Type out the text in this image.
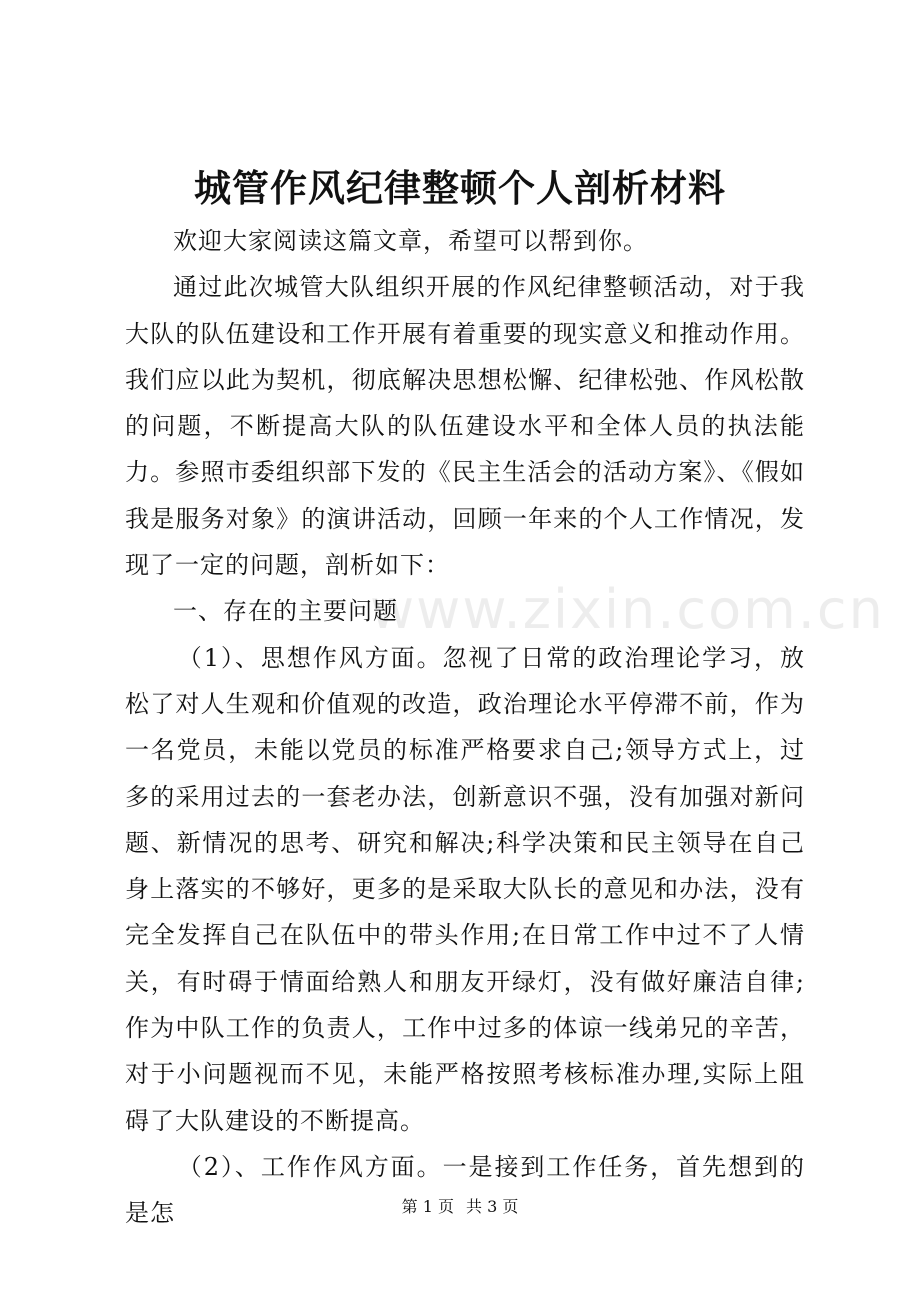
城管作风纪律整顿个人剖析材料

欢迎大家阅读这篇文章，希望可以帮到你。

通过此次城管大队组织开展的作风纪律整顿活动，对于我大队的队伍建设和工作开展有着重要的现实意义和推动作用。我们应以此为契机，彻底解决思想松懈、纪律松弛、作风松散的问题，不断提高大队的队伍建设水平和全体人员的执法能力。参照市委组织部下发的《民主生活会的活动方案》、《假如我是服务对象》的演讲活动，回顾一年来的个人工作情况，发现了一定的问题，剖析如下：

一、存在的主要问题

（1）、思想作风方面。忽视了日常的政治理论学习，放松了对人生观和价值观的改造，政治理论水平停滞不前，作为一名党员，未能以党员的标准严格要求自己;领导方式上，过多的采用过去的一套老办法，创新意识不强，没有加强对新问题、新情况的思考、研究和解决;科学决策和民主领导在自己身上落实的不够好，更多的是采取大队长的意见和办法，没有完全发挥自己在队伍中的带头作用;在日常工作中过不了人情关，有时碍于情面给熟人和朋友开绿灯，没有做好廉洁自律;作为中队工作的负责人，工作中过多的体谅一线弟兄的辛苦，对于小问题视而不见，未能严格按照考核标准办理,实际上阻碍了大队建设的不断提高。

（2）、工作作风方面。一是接到工作任务，首先想到的是怎

www.zixin.com.cn
第 1 页 共 3 页
